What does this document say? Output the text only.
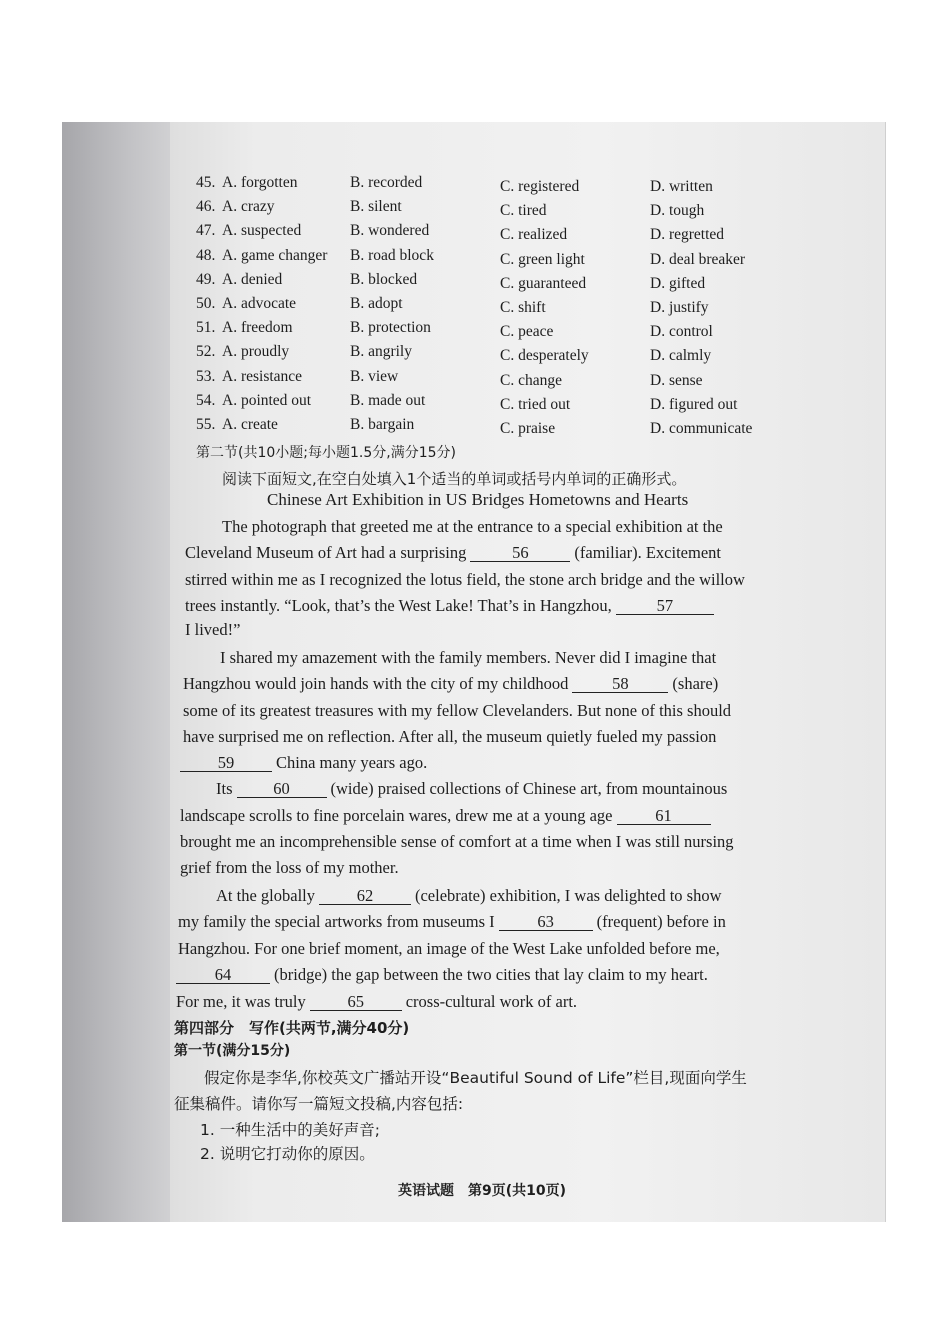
45. A. forgotten	B. recorded	C. registered	D. written
46. A. crazy	B. silent	C. tired	D. tough
47. A. suspected	B. wondered	C. realized	D. regretted
48. A. game changer B. road block	C. green light	D. deal breaker
49. A. denied	B. blocked	C. guaranteed	D. gifted
50. A. advocate	B. adopt	C. shift	D. justify
51. A. freedom	B. protection	C. peace	D. control
52. A. proudly	B. angrily	C. desperately	D. calmly
53. A. resistance	B. view	C. change	D. sense
54. A. pointed out	B. made out	C. tried out	D. figured out
55. A. create	B. bargain	C. praise	D. communicate
第二节(共10小题;每小题1.5分,满分15分)
阅读下面短文,在空白处填入1个适当的单词或括号内单词的正确形式。
Chinese Art Exhibition in US Bridges Hometowns and Hearts
The photograph that greeted me at the entrance to a special exhibition at the
Cleveland Museum of Art had a surprising	56	(familiar). Excitement
stirred within me as I recognized the lotus field, the stone arch bridge and the willow
trees instantly. “Look, that’s the West Lake! That’s in Hangzhou,	57
I lived!”
I shared my amazement with the family members. Never did I imagine that
Hangzhou would join hands with the city of my childhood	58	(share)
some of its greatest treasures with my fellow Clevelanders. But none of this should
have surprised me on reflection. After all, the museum quietly fueled my passion
59	China many years ago.
Its 60 (wide) praised collections of Chinese art, from mountainous
landscape scrolls to fine porcelain wares, drew me at a young age	61
brought me an incomprehensible sense of comfort at a time when I was still nursing
grief from the loss of my mother.
At the globally	62	(celebrate) exhibition, I was delighted to show
my family the special artworks from museums I	63	(frequent) before in
Hangzhou. For one brief moment, an image of the West Lake unfolded before me,
64	(bridge) the gap between the two cities that lay claim to my heart.
For me, it was truly	65	cross-cultural work of art.
第四部分　写作(共两节,满分40分)
第一节(满分15分)
假定你是李华,你校英文广播站开设“Beautiful Sound of Life”栏目,现面向学生
征集稿件。请你写一篇短文投稿,内容包括:
1. 一种生活中的美好声音;
2. 说明它打动你的原因。
英语试题　第9页(共10页)
